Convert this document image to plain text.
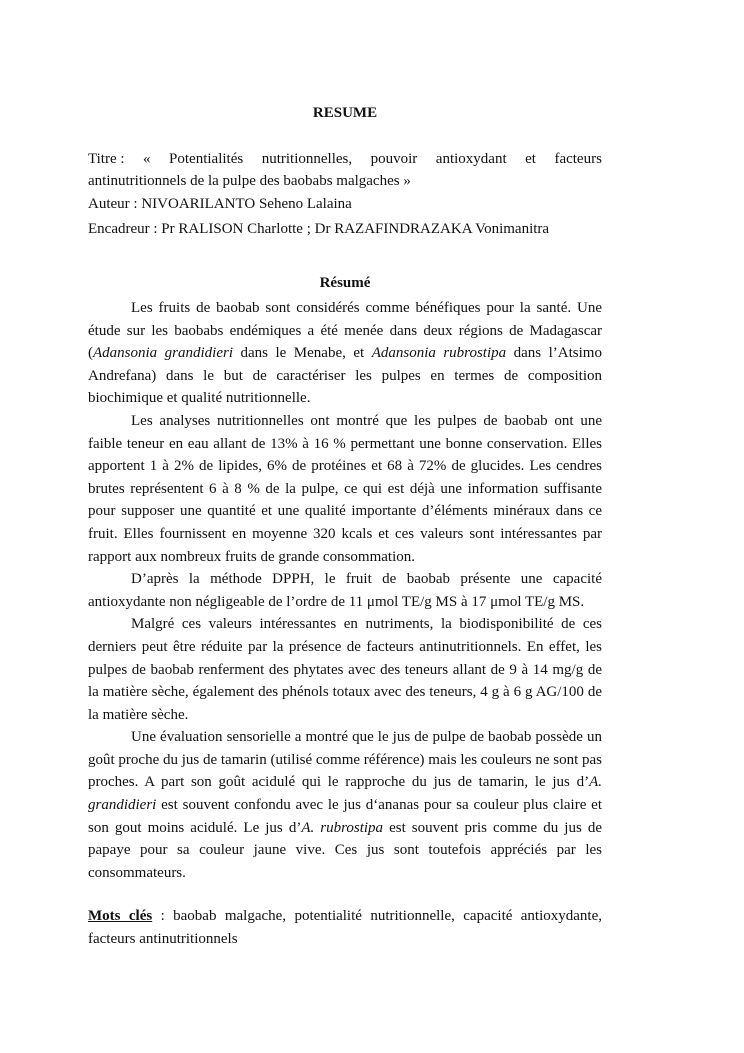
RESUME
Titre : « Potentialités nutritionnelles, pouvoir antioxydant et facteurs
antinutritionnels de la pulpe des baobabs malgaches »
Auteur : NIVOARILANTO Seheno Lalaina
Encadreur : Pr RALISON Charlotte ; Dr RAZAFINDRAZAKA Vonimanitra
Résumé

Les fruits de baobab sont considérés comme bénéfiques pour la santé. Une étude sur les baobabs endémiques a été menée dans deux régions de Madagascar (Adansonia grandidieri dans le Menabe, et Adansonia rubrostipa dans l’Atsimo Andrefana) dans le but de caractériser les pulpes en termes de composition biochimique et qualité nutritionnelle.

Les analyses nutritionnelles ont montré que les pulpes de baobab ont une faible teneur en eau allant de 13% à 16 % permettant une bonne conservation. Elles apportent 1 à 2% de lipides, 6% de protéines et 68 à 72% de glucides. Les cendres brutes représentent 6 à 8 % de la pulpe, ce qui est déjà une information suffisante pour supposer une quantité et une qualité importante d’éléments minéraux dans ce fruit. Elles fournissent en moyenne 320 kcals et ces valeurs sont intéressantes par rapport aux nombreux fruits de grande consommation.

D’après la méthode DPPH, le fruit de baobab présente une capacité antioxydante non négligeable de l’ordre de 11 μmol TE/g MS à 17 μmol TE/g MS.

Malgré ces valeurs intéressantes en nutriments, la biodisponibilité de ces derniers peut être réduite par la présence de facteurs antinutritionnels. En effet, les pulpes de baobab renferment des phytates avec des teneurs allant de 9 à 14 mg/g de la matière sèche, également des phénols totaux avec des teneurs, 4 g à 6 g AG/100 de la matière sèche.

Une évaluation sensorielle a montré que le jus de pulpe de baobab possède un goût proche du jus de tamarin (utilisé comme référence) mais les couleurs ne sont pas proches. A part son goût acidulé qui le rapproche du jus de tamarin, le jus d’A. grandidieri est souvent confondu avec le jus d‘ananas pour sa couleur plus claire et son gout moins acidulé. Le jus d’A. rubrostipa est souvent pris comme du jus de papaye pour sa couleur jaune vive. Ces jus sont toutefois appréciés par les consommateurs.

Mots clés : baobab malgache, potentialité nutritionnelle, capacité antioxydante, facteurs antinutritionnels
